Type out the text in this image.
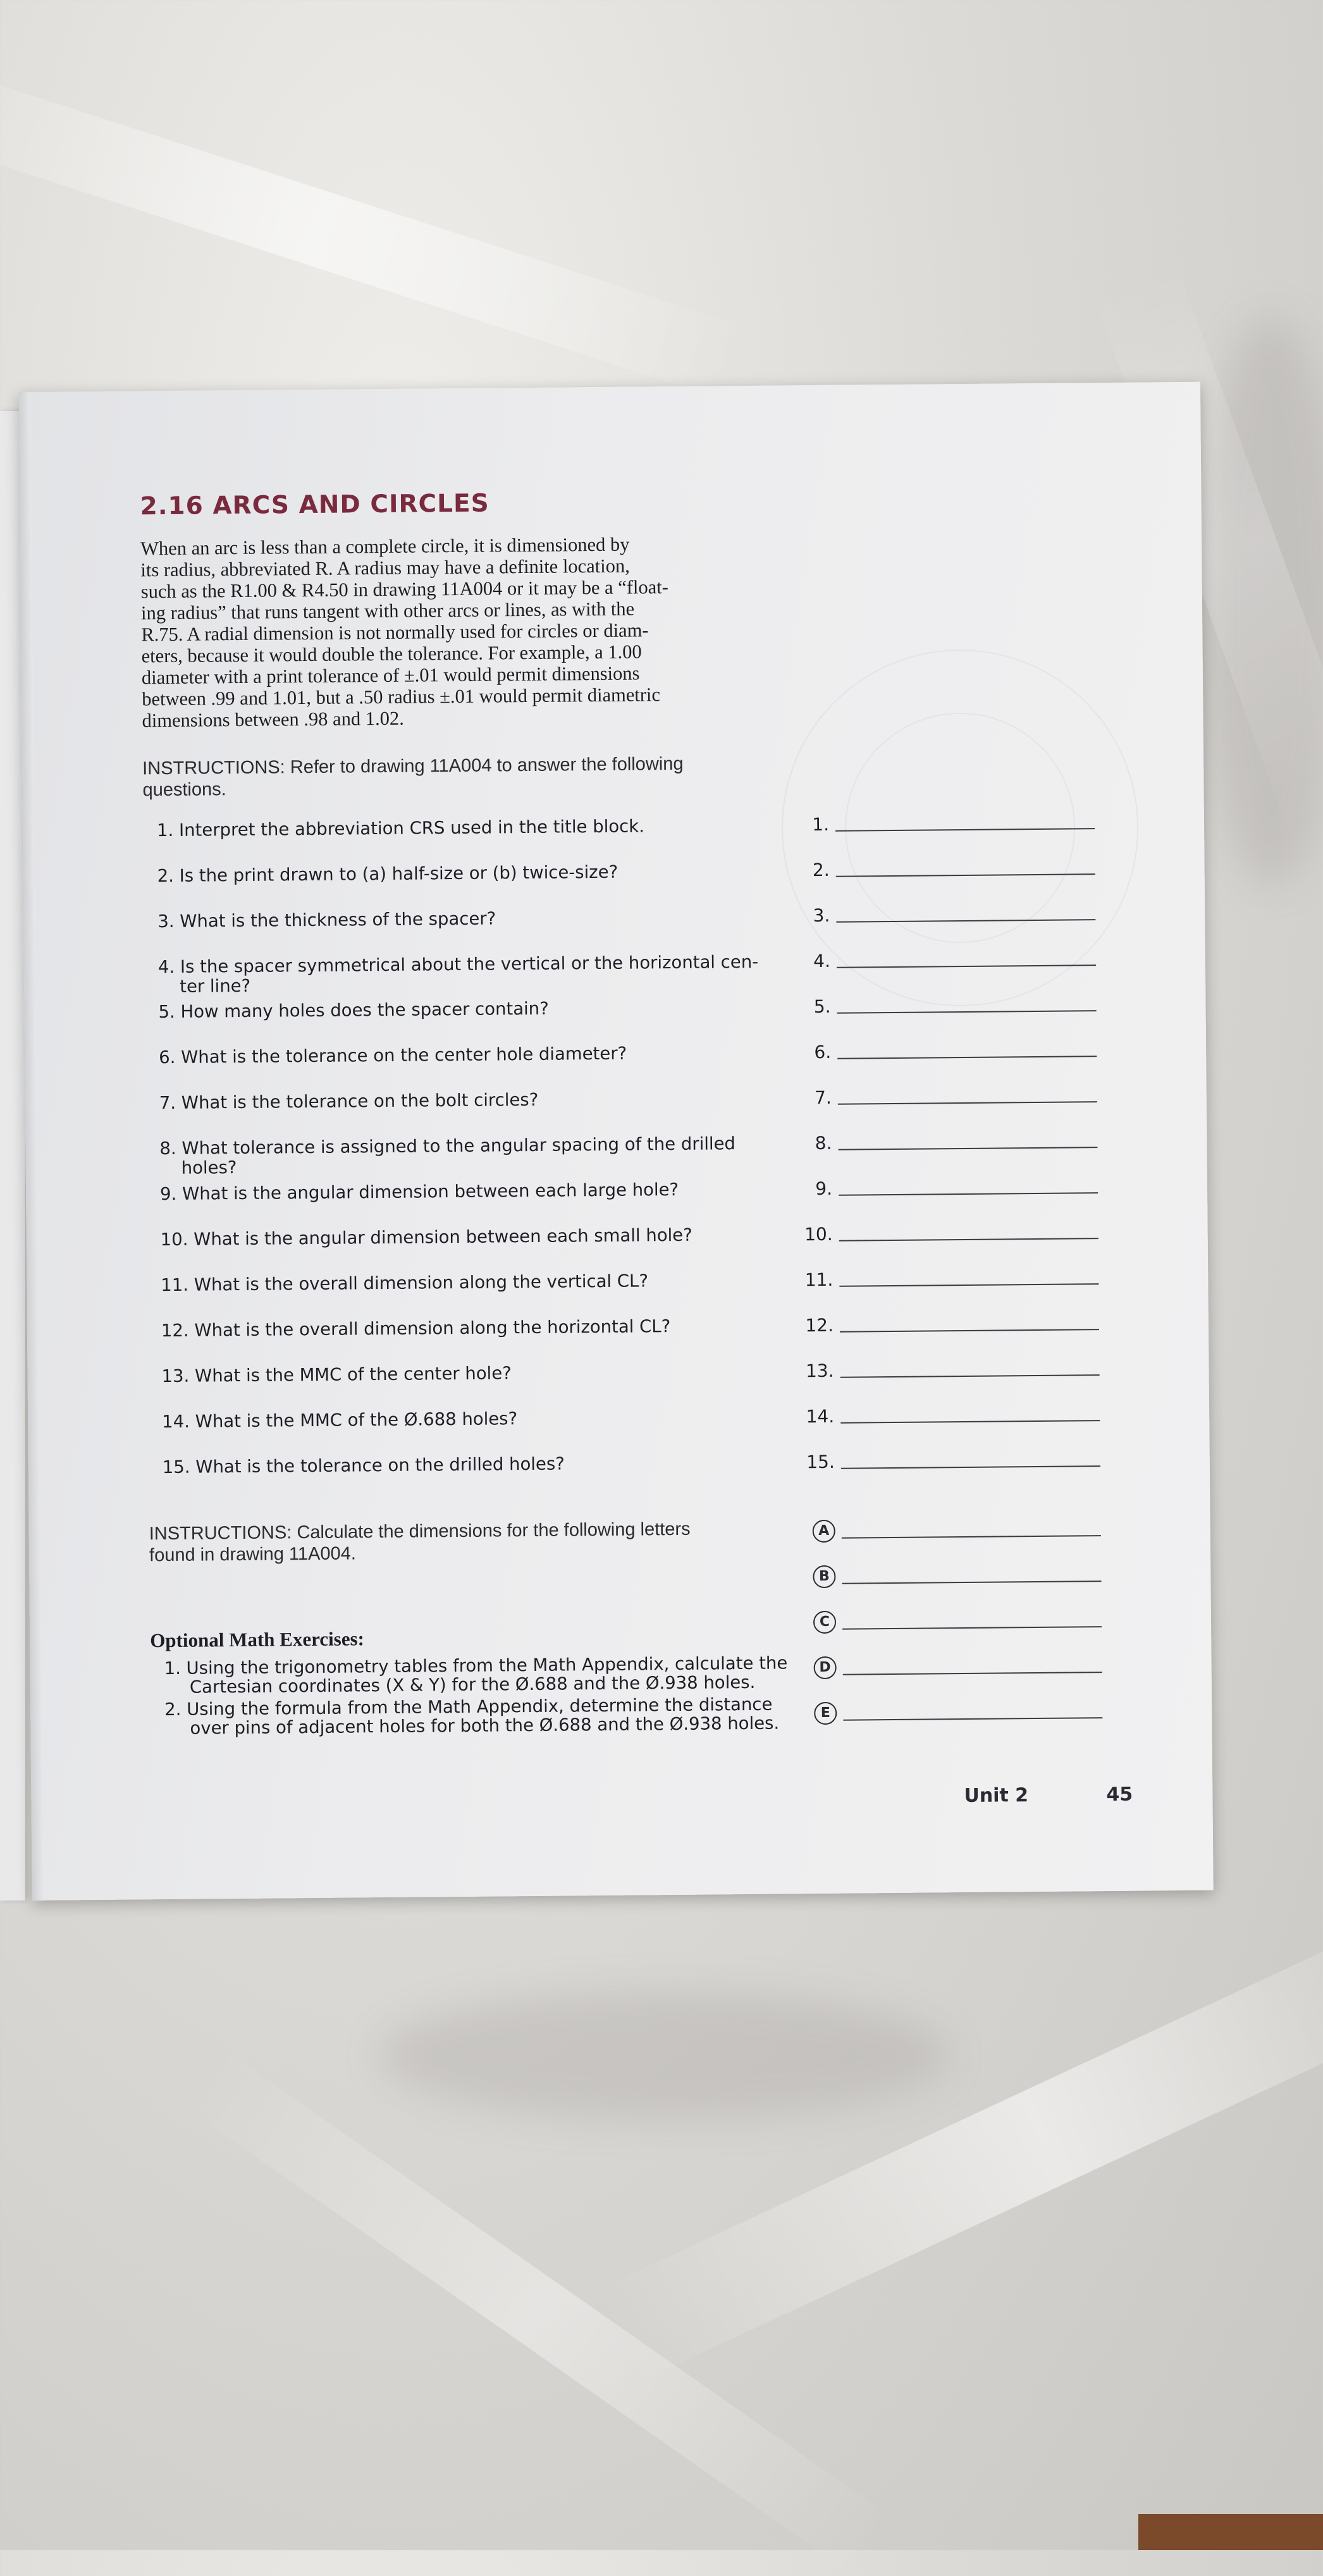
2.16 ARCS AND CIRCLES
When an arc is less than a complete circle, it is dimensioned by
its radius, abbreviated R. A radius may have a definite location,
such as the R1.00 & R4.50 in drawing 11A004 or it may be a “float-
ing radius” that runs tangent with other arcs or lines, as with the
R.75. A radial dimension is not normally used for circles or diam-
eters, because it would double the tolerance. For example, a 1.00
diameter with a print tolerance of ±.01 would permit dimensions
between .99 and 1.01, but a .50 radius ±.01 would permit diametric
dimensions between .98 and 1.02.
INSTRUCTIONS: Refer to drawing 11A004 to answer the following
questions.
1. Interpret the abbreviation CRS used in the title block.
2. Is the print drawn to (a) half-size or (b) twice-size?
3. What is the thickness of the spacer?
4. Is the spacer symmetrical about the vertical or the horizontal cen-
ter line?
5. How many holes does the spacer contain?
6. What is the tolerance on the center hole diameter?
7. What is the tolerance on the bolt circles?
8. What tolerance is assigned to the angular spacing of the drilled
holes?
9. What is the angular dimension between each large hole?
10. What is the angular dimension between each small hole?
11. What is the overall dimension along the vertical CL?
12. What is the overall dimension along the horizontal CL?
13. What is the MMC of the center hole?
14. What is the MMC of the Ø.688 holes?
15. What is the tolerance on the drilled holes?
1.
2.
3.
4.
5.
6.
7.
8.
9.
10.
11.
12.
13.
14.
15.
INSTRUCTIONS: Calculate the dimensions for the following letters
found in drawing 11A004.
A
B
C
D
E
Optional Math Exercises:
1. Using the trigonometry tables from the Math Appendix, calculate the
Cartesian coordinates (X & Y) for the Ø.688 and the Ø.938 holes.
2. Using the formula from the Math Appendix, determine the distance
over pins of adjacent holes for both the Ø.688 and the Ø.938 holes.
Unit 2	45
